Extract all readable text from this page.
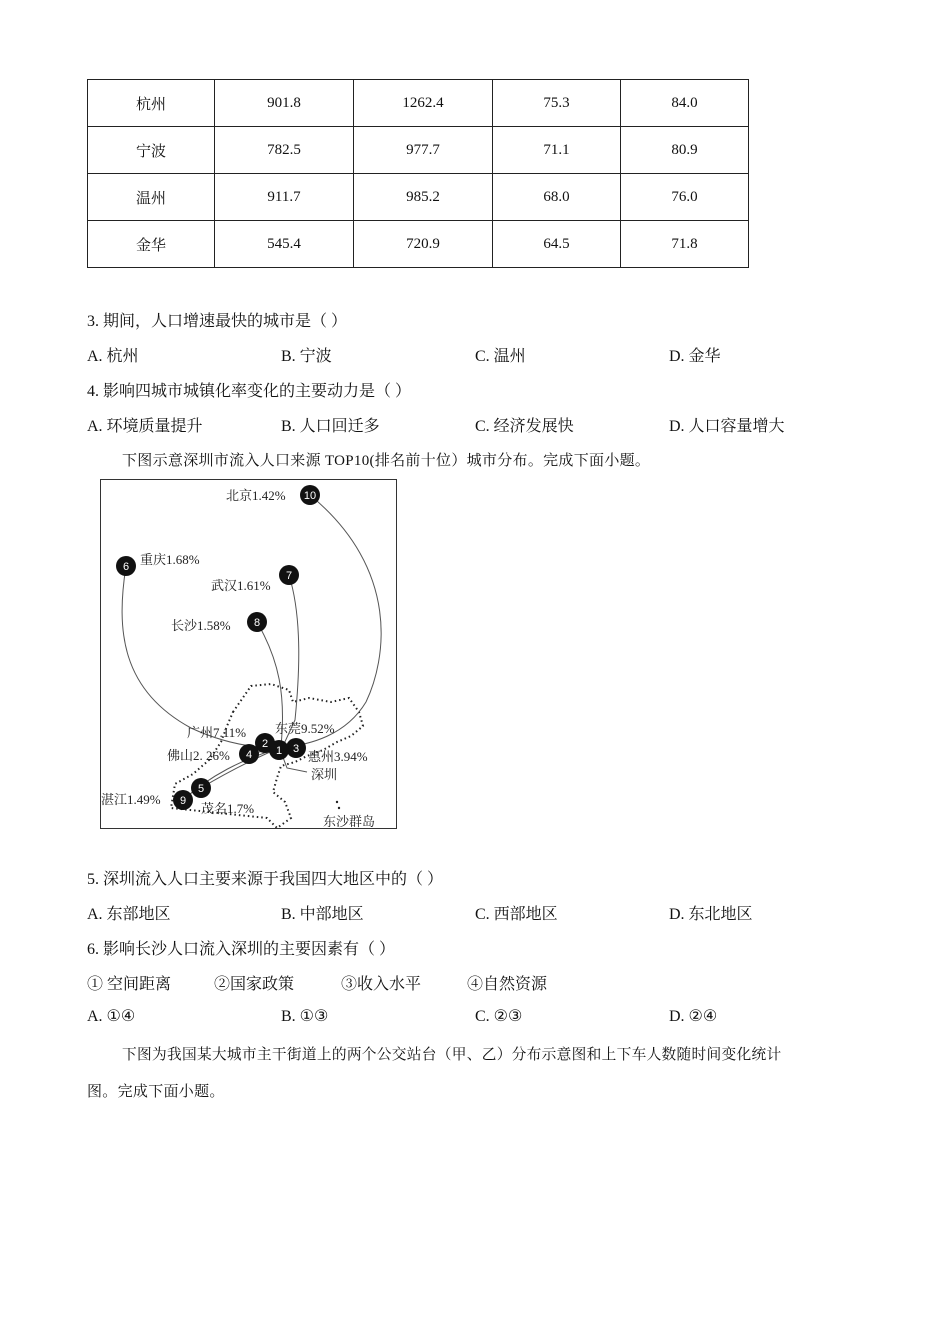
杭州	901.8	1262.4	75.3	84.0
宁波	782.5	977.7	71.1	80.9
温州	911.7	985.2	68.0	76.0
金华	545.4	720.9	64.5	71.8
3. 期间，人口增速最快的城市是（ ）
A. 杭州	B. 宁波	C. 温州	D. 金华
4. 影响四城市城镇化率变化的主要动力是（ ）
A. 环境质量提升	B. 人口回迁多	C. 经济发展快	D. 人口容量增大
下图示意深圳市流入人口来源 TOP10(排名前十位）城市分布。完成下面小题。
10
6
7
8
2
4	3
1
5
9
北京1.42%
重庆1.68%
武汉1.61%
长沙1.58%
广州7.11% 东莞9.52%
佛山2. 26%	惠州3.94%
深圳
湛江1.49%
茂名1.7%
东沙群岛
5. 深圳流入人口主要来源于我国四大地区中的（ ）
A. 东部地区	B. 中部地区	C. 西部地区	D. 东北地区
6. 影响长沙人口流入深圳的主要因素有（ ）
① 空间距离	②国家政策	③收入水平	④自然资源
A. ①④	B. ①③	C. ②③	D. ②④
下图为我国某大城市主干街道上的两个公交站台（甲、乙）分布示意图和上下车人数随时间变化统计
图。完成下面小题。
